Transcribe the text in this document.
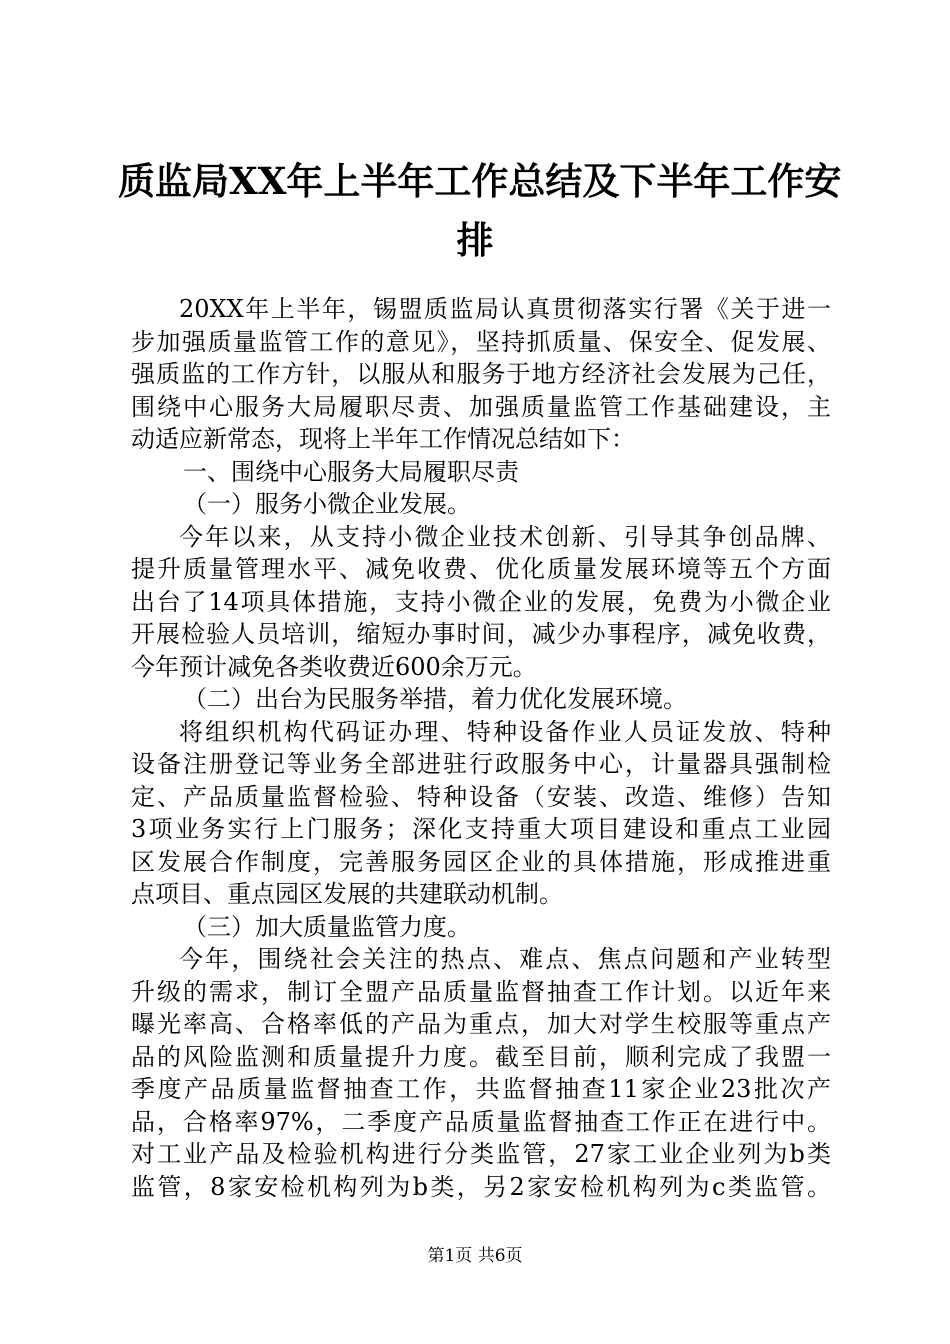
质监局XX年上半年工作总结及下半年工作安
排
20XX年上半年，锡盟质监局认真贯彻落实行署《关于进一
步加强质量监管工作的意见》，坚持抓质量、保安全、促发展、
强质监的工作方针，以服从和服务于地方经济社会发展为己任，
围绕中心服务大局履职尽责、加强质量监管工作基础建设，主
动适应新常态，现将上半年工作情况总结如下：
一、围绕中心服务大局履职尽责
（一）服务小微企业发展。
今年以来，从支持小微企业技术创新、引导其争创品牌、
提升质量管理水平、减免收费、优化质量发展环境等五个方面
出台了14项具体措施，支持小微企业的发展，免费为小微企业
开展检验人员培训，缩短办事时间，减少办事程序，减免收费，
今年预计减免各类收费近600余万元。
（二）出台为民服务举措，着力优化发展环境。
将组织机构代码证办理、特种设备作业人员证发放、特种
设备注册登记等业务全部进驻行政服务中心，计量器具强制检
定、产品质量监督检验、特种设备（安装、改造、维修）告知
3项业务实行上门服务；深化支持重大项目建设和重点工业园
区发展合作制度，完善服务园区企业的具体措施，形成推进重
点项目、重点园区发展的共建联动机制。
（三）加大质量监管力度。
今年，围绕社会关注的热点、难点、焦点问题和产业转型
升级的需求，制订全盟产品质量监督抽查工作计划。以近年来
曝光率高、合格率低的产品为重点，加大对学生校服等重点产
品的风险监测和质量提升力度。截至目前，顺利完成了我盟一
季度产品质量监督抽查工作，共监督抽查11家企业23批次产
品，合格率97%，二季度产品质量监督抽查工作正在进行中。
对工业产品及检验机构进行分类监管，27家工业企业列为b类
监管，8家安检机构列为b类，另2家安检机构列为c类监管。
第1页 共6页
